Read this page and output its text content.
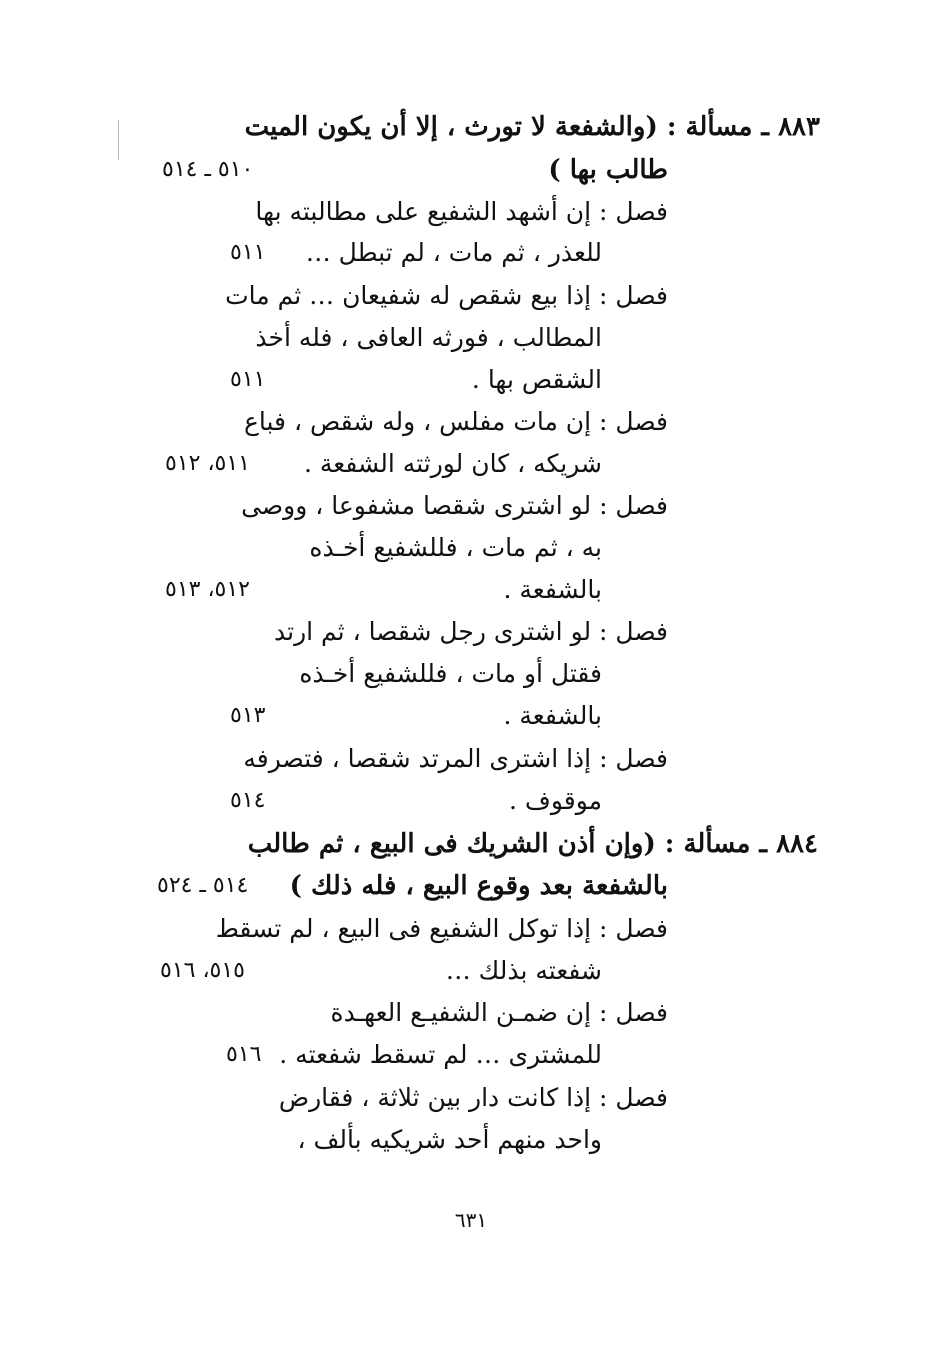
٨٨٣ ـ مسألة : (والشفعة لا تورث ، إلا أن يكون الميت
طالب بها )
٥١٠ ـ ٥١٤
فصل : إن أشهد الشفيع على مطالبته بها
للعذر ، ثم مات ، لم تبطل …
٥١١
فصل : إذا بيع شقص له شفيعان … ثم مات
المطالب ، فورثه العافى ، فله أخذ
الشقص بها .
٥١١
فصل : إن مات مفلس ، وله شقص ، فباع
شريكه ، كان لورثته الشفعة .
٥١١، ٥١٢
فصل : لو اشترى شقصا مشفوعا ، ووصى
به ، ثم مات ، فللشفيع أخـذه
بالشفعة .
٥١٢، ٥١٣
فصل : لو اشترى رجل شقصا ، ثم ارتد
فقتل أو مات ، فللشفيع أخـذه
بالشفعة .
٥١٣
فصل : إذا اشترى المرتد شقصا ، فتصرفه
موقوف .
٥١٤
٨٨٤ ـ مسألة : (وإن أذن الشريك فى البيع ، ثم طالب
بالشفعة بعد وقوع البيع ، فله ذلك )
٥١٤ ـ ٥٢٤
فصل : إذا توكل الشفيع فى البيع ، لم تسقط
شفعته بذلك …
٥١٥، ٥١٦
فصل : إن ضمـن الشفيـع العهـدة
للمشترى … لم تسقط شفعته .
٥١٦
فصل : إذا كانت دار بين ثلاثة ، فقارض
واحد منهم أحد شريكيه بألف ،
٦٣١
